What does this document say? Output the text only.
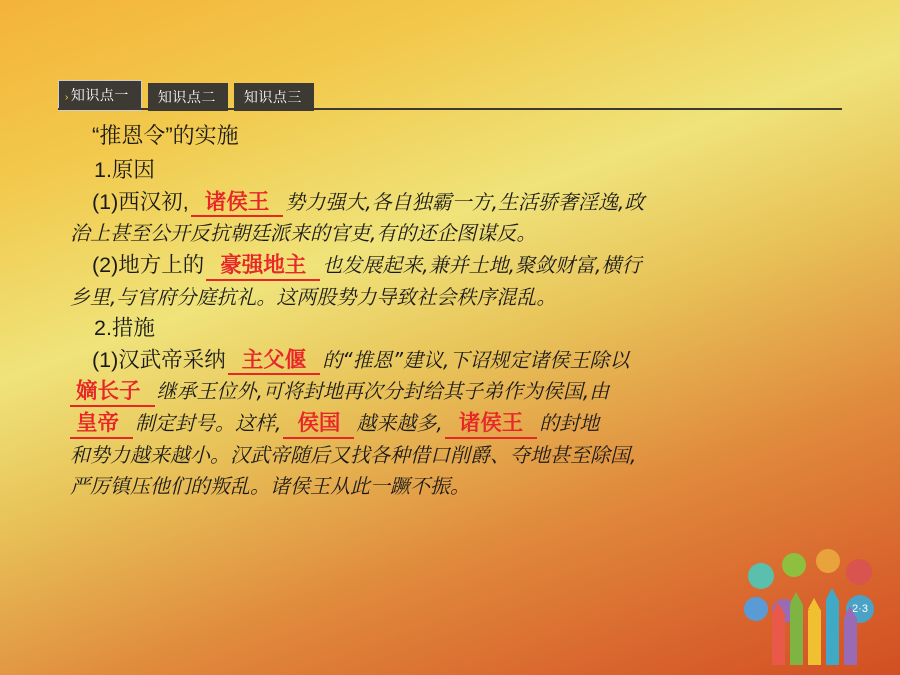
› 知识点一	知识点二	知识点三
“推恩令”的实施
1.原因
(1)西汉初, 诸侯王 势力强大,各自独霸一方,生活骄奢淫逸,政
治上甚至公开反抗朝廷派来的官吏,有的还企图谋反。
(2)地方上的 豪强地主 也发展起来,兼并土地,聚敛财富,横行
乡里,与官府分庭抗礼。这两股势力导致社会秩序混乱。
2.措施
(1)汉武帝采纳 主父偃 的“推恩”建议,下诏规定诸侯王除以
嫡长子 继承王位外,可将封地再次分封给其子弟作为侯国,由
皇帝 制定封号。这样, 侯国 越来越多, 诸侯王 的封地
和势力越来越小。汉武帝随后又找各种借口削爵、夺地甚至除国,
严厉镇压他们的叛乱。诸侯王从此一蹶不振。
2·3
